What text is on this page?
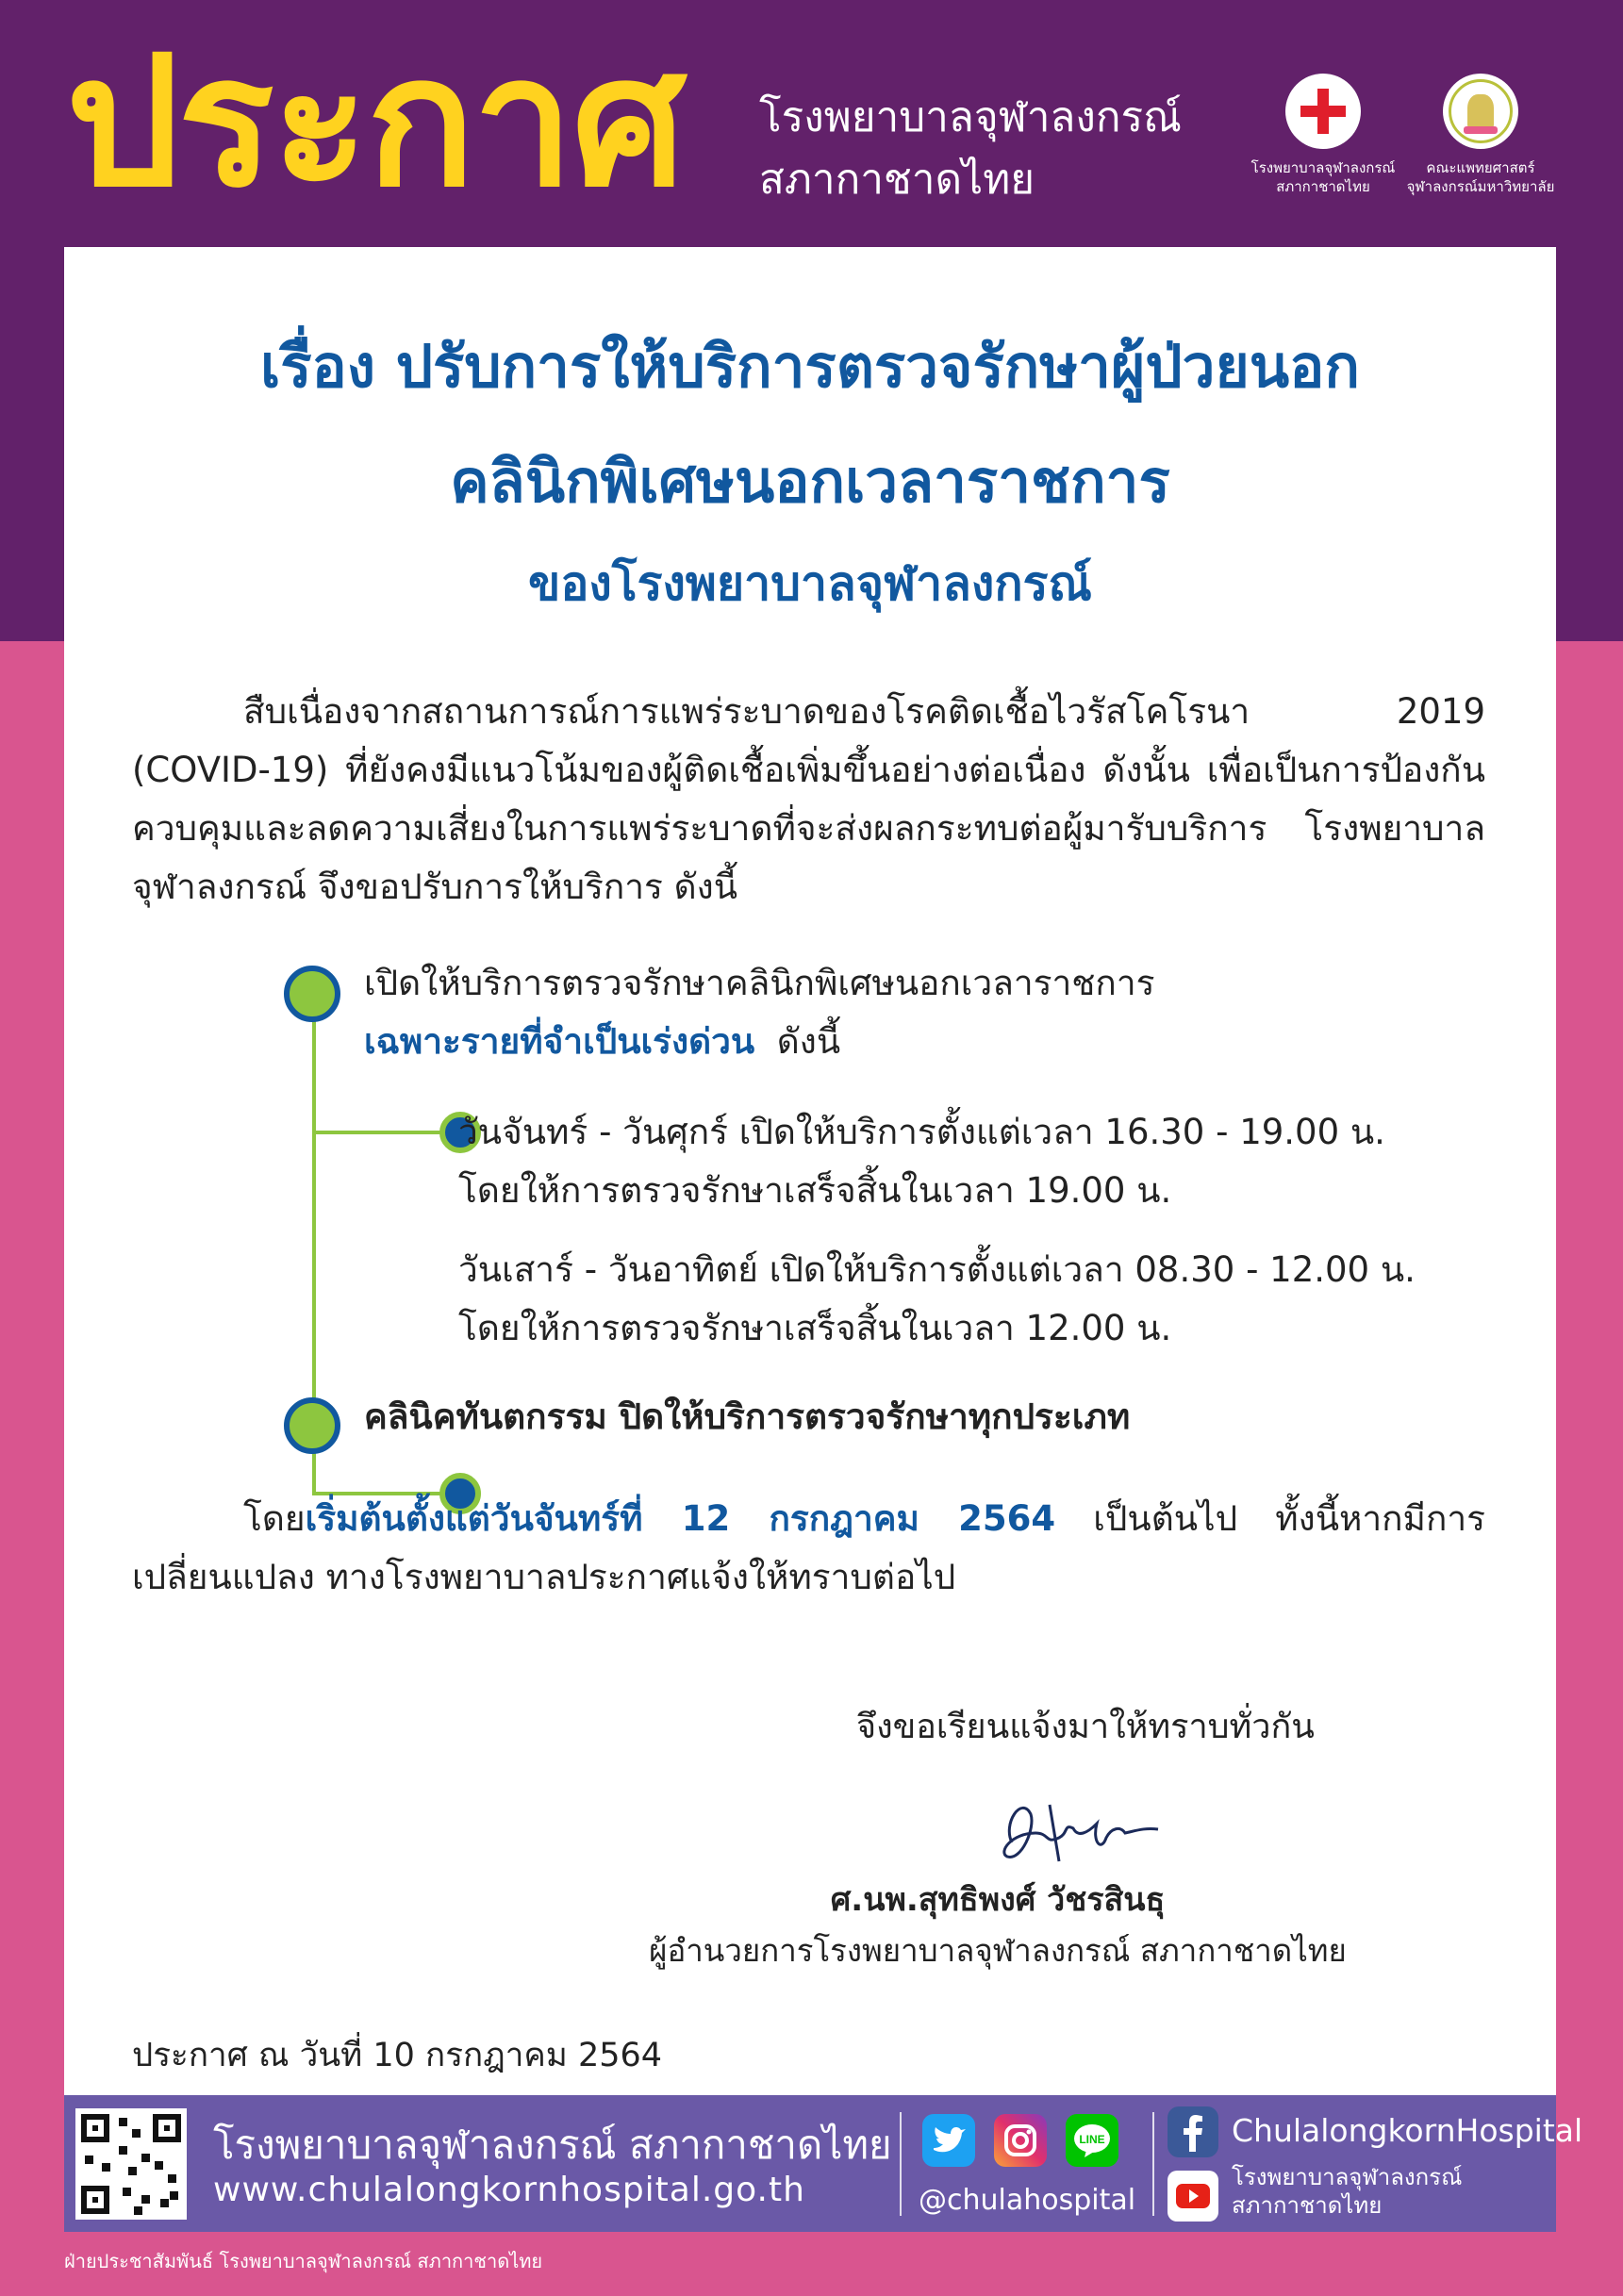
ประกาศ โรงพยาบาลจุฬาลงกรณ์
สภากาชาดไทย	โรงพยาบาลจุฬาลงกรณ์
สภากาชาดไทย
คณะแพทยศาสตร์
จุฬาลงกรณ์มหาวิทยาลัย
เรื่อง ปรับการให้บริการตรวจรักษาผู้ป่วยนอก
คลินิกพิเศษนอกเวลาราชการ
ของโรงพยาบาลจุฬาลงกรณ์
สืบเนื่องจากสถานการณ์การแพร่ระบาดของโรคติดเชื้อไวรัสโคโรนา 2019 (COVID-19) ที่ยังคงมีแนวโน้มของผู้ติดเชื้อเพิ่มขึ้นอย่างต่อเนื่อง ดังนั้น เพื่อเป็นการป้องกัน ควบคุมและลดความเสี่ยงในการแพร่ระบาดที่จะส่งผลกระทบต่อผู้มารับบริการ โรงพยาบาลจุฬาลงกรณ์ จึงขอปรับการให้บริการ ดังนี้
เปิดให้บริการตรวจรักษาคลินิกพิเศษนอกเวลาราชการ
เฉพาะรายที่จำเป็นเร่งด่วน ดังนี้
วันจันทร์ - วันศุกร์ เปิดให้บริการตั้งแต่เวลา 16.30 - 19.00 น.
โดยให้การตรวจรักษาเสร็จสิ้นในเวลา 19.00 น.
วันเสาร์ - วันอาทิตย์ เปิดให้บริการตั้งแต่เวลา 08.30 - 12.00 น.
โดยให้การตรวจรักษาเสร็จสิ้นในเวลา 12.00 น.
คลินิคทันตกรรม ปิดให้บริการตรวจรักษาทุกประเภท
โดยเริ่มต้นตั้งแต่วันจันทร์ที่ 12 กรกฎาคม 2564 เป็นต้นไป ทั้งนี้หากมีการเปลี่ยนแปลง ทางโรงพยาบาลประกาศแจ้งให้ทราบต่อไป
จึงขอเรียนแจ้งมาให้ทราบทั่วกัน
ศ.นพ.สุทธิพงศ์ วัชรสินธุ
ผู้อำนวยการโรงพยาบาลจุฬาลงกรณ์ สภากาชาดไทย
ประกาศ ณ วันที่ 10 กรกฎาคม 2564
โรงพยาบาลจุฬาลงกรณ์ สภากาชาดไทย
www.chulalongkornhospital.go.th
LINE
@chulahospital
ChulalongkornHospital
โรงพยาบาลจุฬาลงกรณ์
สภากาชาดไทย
ฝ่ายประชาสัมพันธ์ โรงพยาบาลจุฬาลงกรณ์ สภากาชาดไทย
